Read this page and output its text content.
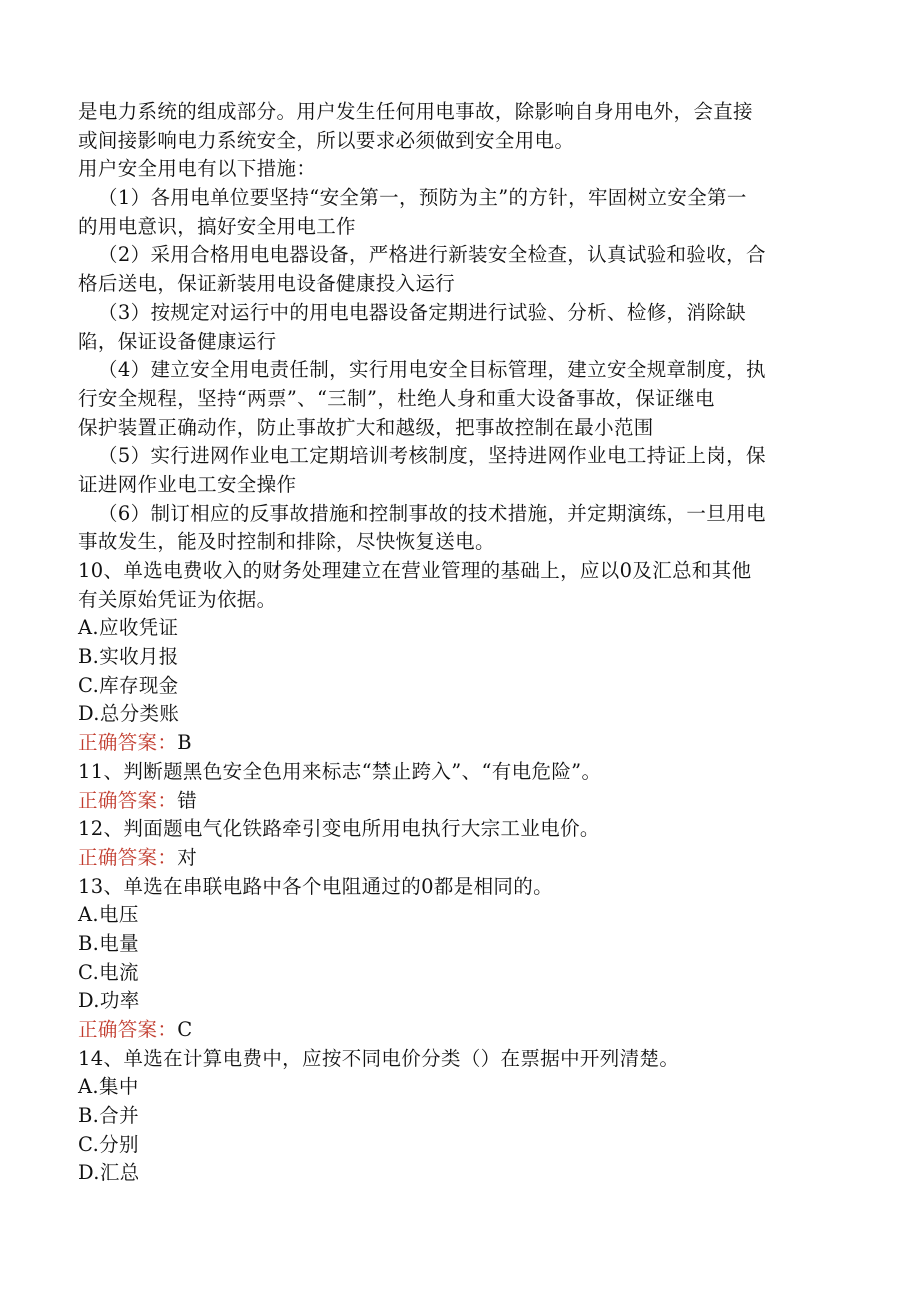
是电力系统的组成部分。用户发生任何用电事故，除影响自身用电外，会直接
或间接影响电力系统安全，所以要求必须做到安全用电。
用户安全用电有以下措施：
（1）各用电单位要坚持“安全第一，预防为主”的方针，牢固树立安全第一
的用电意识，搞好安全用电工作
（2）采用合格用电电器设备，严格进行新装安全检查，认真试验和验收，合
格后送电，保证新装用电设备健康投入运行
（3）按规定对运行中的用电电器设备定期进行试验、分析、检修，消除缺
陷，保证设备健康运行
（4）建立安全用电责任制，实行用电安全目标管理，建立安全规章制度，执
行安全规程，坚持“两票”、“三制”，杜绝人身和重大设备事故，保证继电
保护装置正确动作，防止事故扩大和越级，把事故控制在最小范围
（5）实行进网作业电工定期培训考核制度，坚持进网作业电工持证上岗，保
证进网作业电工安全操作
（6）制订相应的反事故措施和控制事故的技术措施，并定期演练，一旦用电
事故发生，能及时控制和排除，尽快恢复送电。
10、单选电费收入的财务处理建立在营业管理的基础上，应以0及汇总和其他
有关原始凭证为依据。
A.应收凭证
B.实收月报
C.库存现金
D.总分类账
正确答案：B
11、判断题黑色安全色用来标志“禁止跨入”、“有电危险”。
正确答案：错
12、判面题电气化铁路牵引变电所用电执行大宗工业电价。
正确答案：对
13、单选在串联电路中各个电阻通过的0都是相同的。
A.电压
B.电量
C.电流
D.功率
正确答案：C
14、单选在计算电费中，应按不同电价分类（）在票据中开列清楚。
A.集中
B.合并
C.分别
D.汇总
